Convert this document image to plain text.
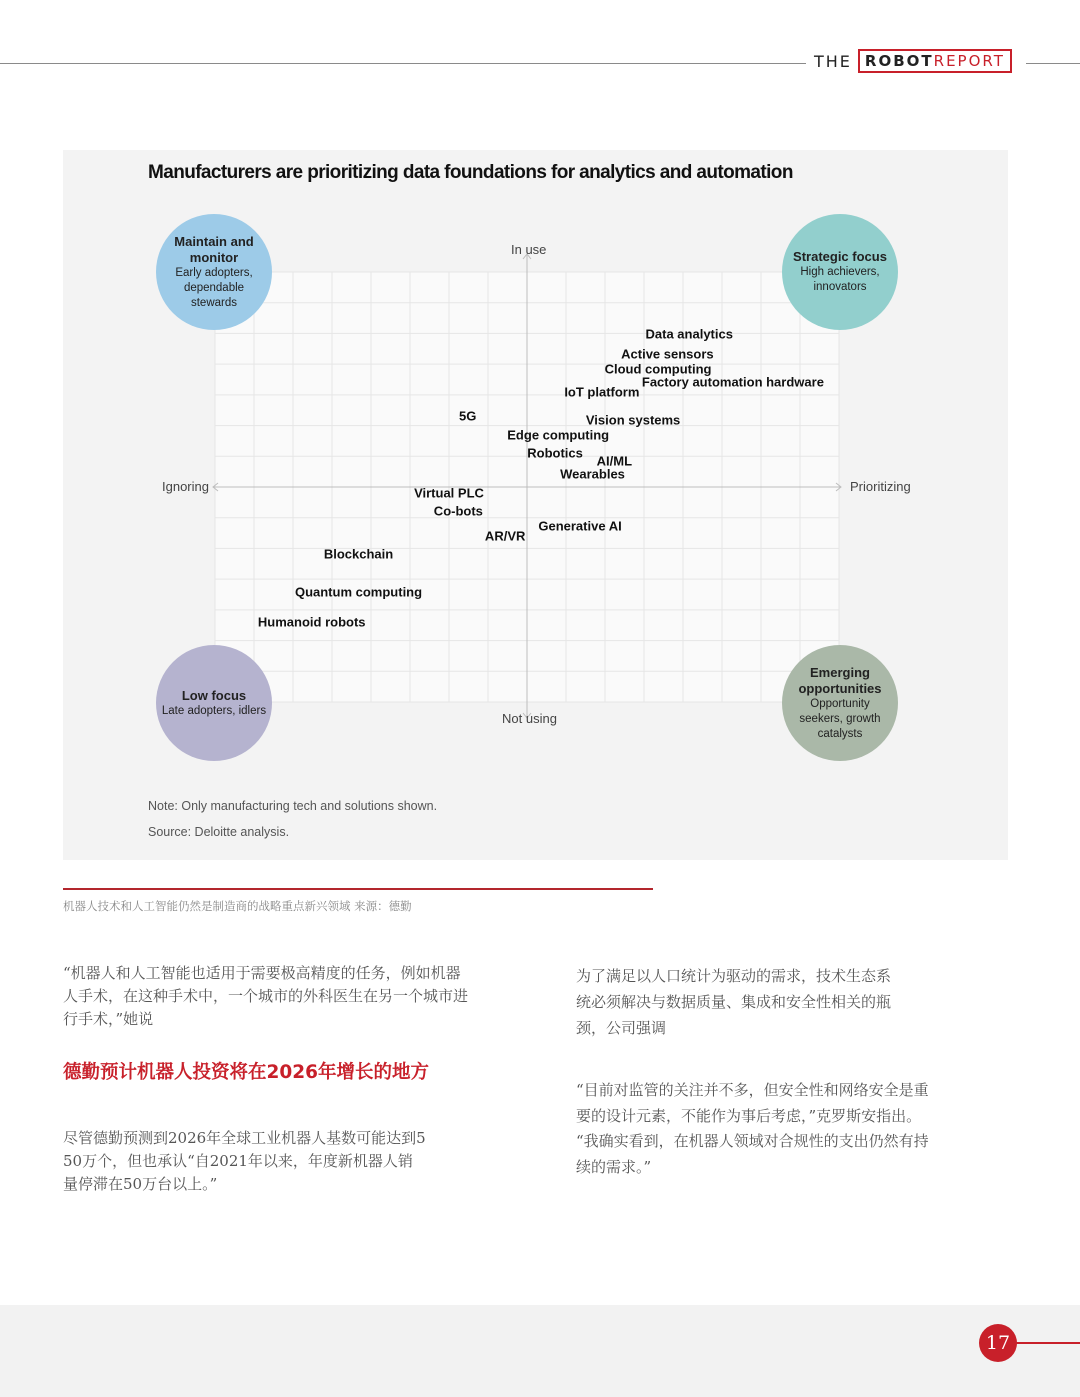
THE ROBOT REPORT
Manufacturers are prioritizing data foundations for analytics and automation
Maintain and monitor
Early adopters,
dependable
stewards
Strategic focus
High achievers,
innovators
Low focus
Late adopters, idlers
Emerging opportunities
Opportunity
seekers, growth
catalysts
In use
Not using
Ignoring	Prioritizing
Data analytics
Active sensors
Cloud computing
Factory automation hardware
IoT platform
5G	Vision systems
Edge computing
Robotics
AI/ML
Wearables
Virtual PLC
Co-bots
Generative AI
AR/VR
Blockchain
Quantum computing
Humanoid robots
Note: Only manufacturing tech and solutions shown.
Source: Deloitte analysis.
机器人技术和人工智能仍然是制造商的战略重点新兴领域 来源：德勤
“机器人和人工智能也适用于需要极高精度的任务，例如机器
人手术，在这种手术中，一个城市的外科医生在另一个城市进
行手术，”她说
德勤预计机器人投资将在2026年增长的地方
尽管德勤预测到2026年全球工业机器人基数可能达到5
50万个，但也承认“自2021年以来，年度新机器人销
量停滞在50万台以上。”
为了满足以人口统计为驱动的需求，技术生态系
统必须解决与数据质量、集成和安全性相关的瓶
颈，公司强调
“目前对监管的关注并不多，但安全性和网络安全是重
要的设计元素，不能作为事后考虑，”克罗斯安指出。
“我确实看到，在机器人领域对合规性的支出仍然有持
续的需求。”
17
